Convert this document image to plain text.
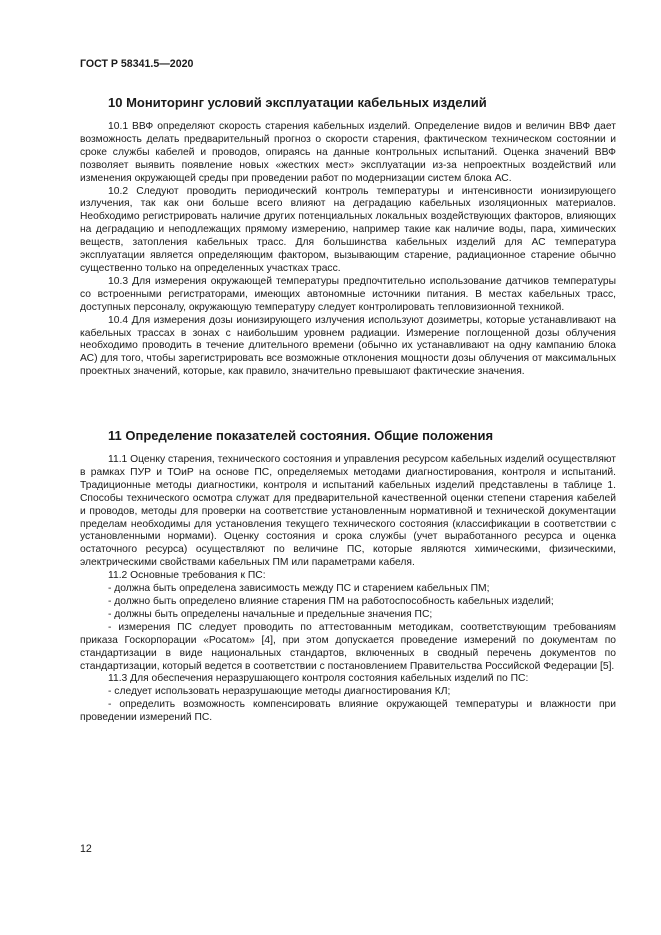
ГОСТ Р 58341.5—2020
10 Мониторинг условий эксплуатации кабельных изделий

10.1 ВВФ определяют скорость старения кабельных изделий. Определение видов и величин ВВФ дает возможность делать предварительный прогноз о скорости старения, фактическом техническом состоянии и сроке службы кабелей и проводов, опираясь на данные контрольных испытаний. Оценка значений ВВФ позволяет выявить появление новых «жестких мест» эксплуатации из-за непроектных воздействий или изменения окружающей среды при проведении работ по модернизации систем блока АС.

10.2 Следуют проводить периодический контроль температуры и интенсивности ионизирующего излучения, так как они больше всего влияют на деградацию кабельных изоляционных материалов. Необходимо регистрировать наличие других потенциальных локальных воздействующих факторов, влияющих на деградацию и неподлежащих прямому измерению, например такие как наличие воды, пара, химических веществ, затопления кабельных трасс. Для большинства кабельных изделий для АС температура эксплуатации является определяющим фактором, вызывающим старение, радиационное старение обычно существенно только на определенных участках трасс.

10.3 Для измерения окружающей температуры предпочтительно использование датчиков температуры со встроенными регистраторами, имеющих автономные источники питания. В местах кабельных трасс, доступных персоналу, окружающую температуру следует контролировать тепловизионной техникой.

10.4 Для измерения дозы ионизирующего излучения используют дозиметры, которые устанавливают на кабельных трассах в зонах с наибольшим уровнем радиации. Измерение поглощенной дозы облучения необходимо проводить в течение длительного времени (обычно их устанавливают на одну кампанию блока АС) для того, чтобы зарегистрировать все возможные отклонения мощности дозы облучения от максимальных проектных значений, которые, как правило, значительно превышают фактические значения.

11 Определение показателей состояния. Общие положения

11.1 Оценку старения, технического состояния и управления ресурсом кабельных изделий осуществляют в рамках ПУР и ТОиР на основе ПС, определяемых методами диагностирования, контроля и испытаний. Традиционные методы диагностики, контроля и испытаний кабельных изделий представлены в таблице 1. Способы технического осмотра служат для предварительной качественной оценки степени старения кабелей и проводов, методы для проверки на соответствие установленным нормативной и технической документации пределам необходимы для установления текущего технического состояния (классификации в соответствии с установленными нормами). Оценку состояния и срока службы (учет выработанного ресурса и оценка остаточного ресурса) осуществляют по величине ПС, которые являются химическими, физическими, электрическими свойствами кабельных ПМ или параметрами кабеля.

11.2 Основные требования к ПС:

- должна быть определена зависимость между ПС и старением кабельных ПМ;

- должно быть определено влияние старения ПМ на работоспособность кабельных изделий;

- должны быть определены начальные и предельные значения ПС;

- измерения ПС следует проводить по аттестованным методикам, соответствующим требованиям приказа Госкорпорации «Росатом» [4], при этом допускается проведение измерений по документам по стандартизации в виде национальных стандартов, включенных в сводный перечень документов по стандартизации, который ведется в соответствии с постановлением Правительства Российской Федерации [5].

11.3 Для обеспечения неразрушающего контроля состояния кабельных изделий по ПС:

- следует использовать неразрушающие методы диагностирования КЛ;

- определить возможность компенсировать влияние окружающей температуры и влажности при проведении измерений ПС.

12
